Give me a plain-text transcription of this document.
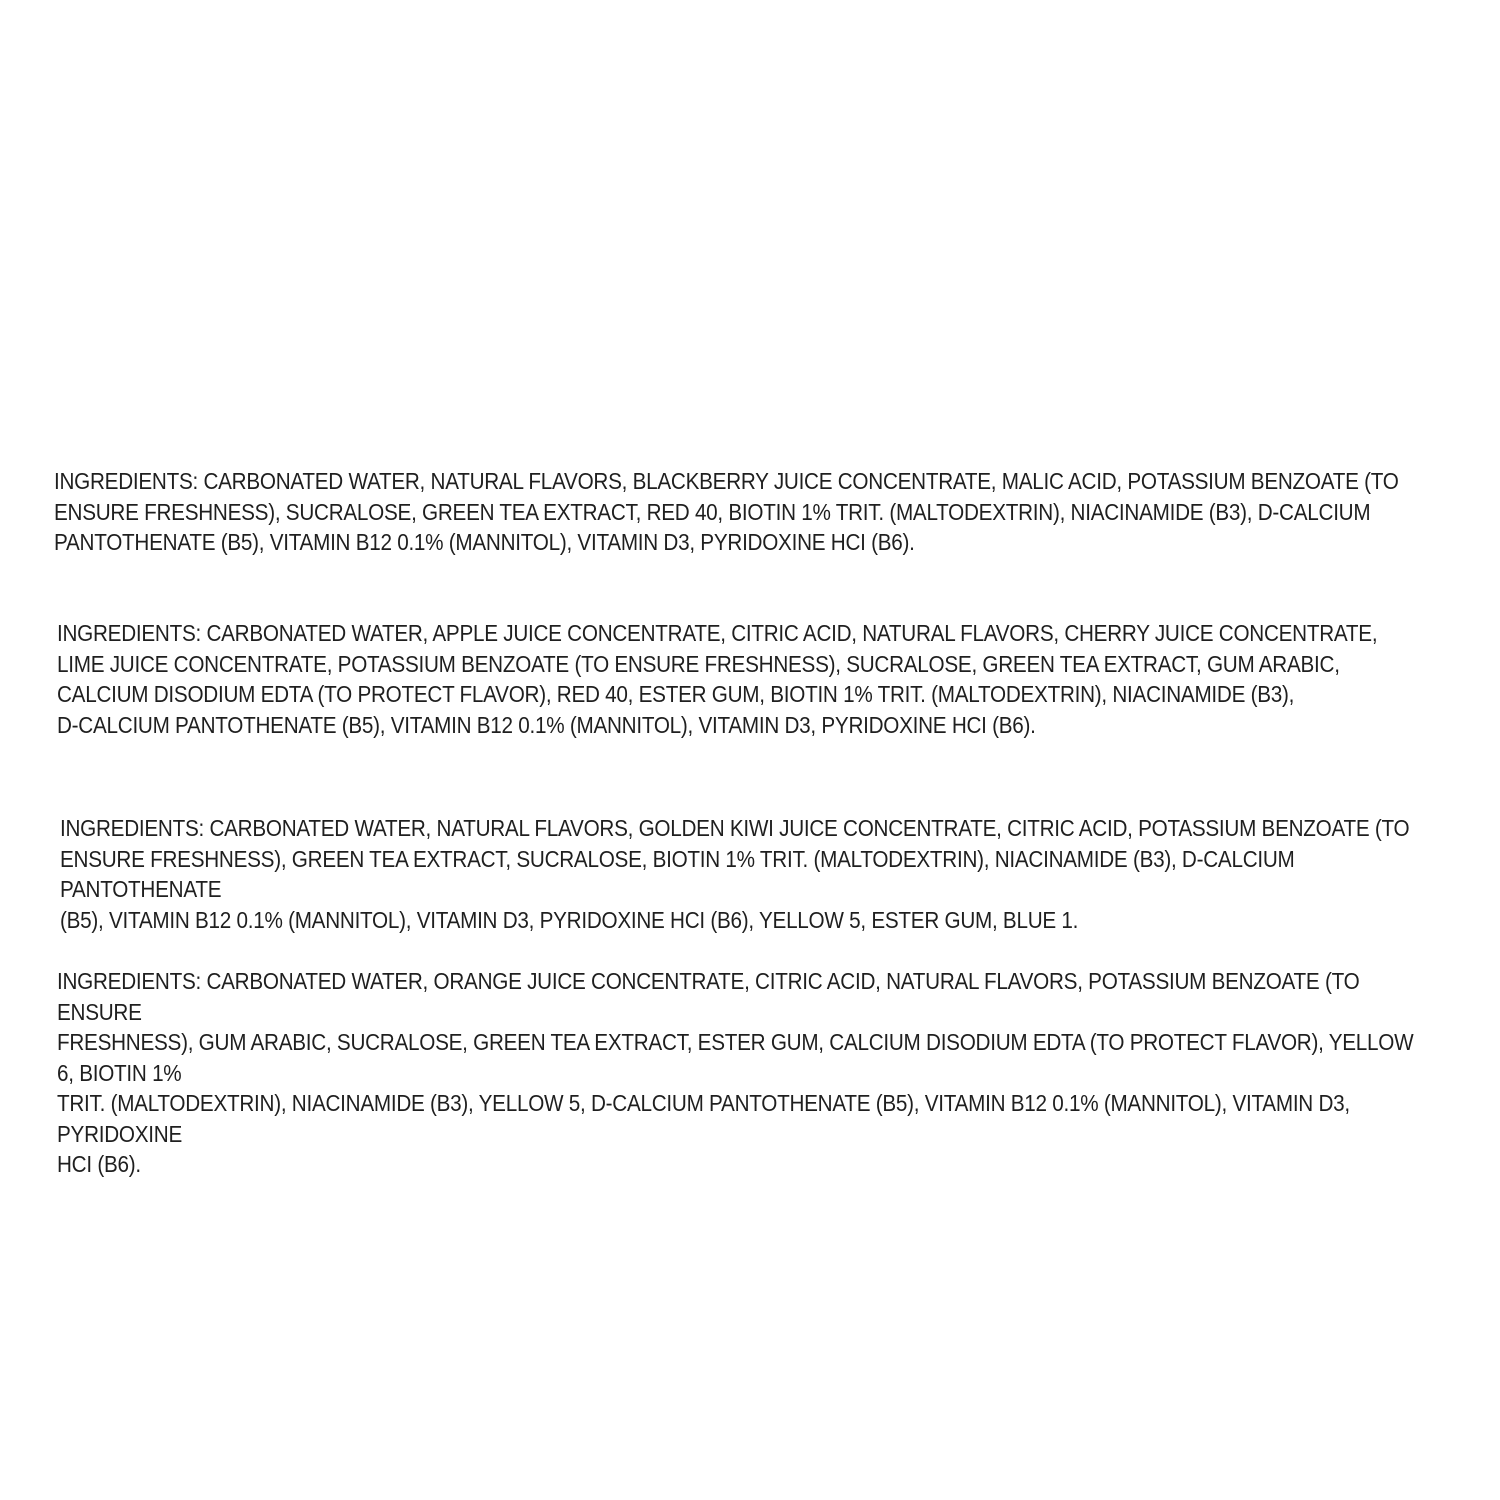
INGREDIENTS: CARBONATED WATER, NATURAL FLAVORS, BLACKBERRY JUICE CONCENTRATE, MALIC ACID, POTASSIUM BENZOATE (TO
ENSURE FRESHNESS), SUCRALOSE, GREEN TEA EXTRACT, RED 40, BIOTIN 1% TRIT. (MALTODEXTRIN), NIACINAMIDE (B3), D-CALCIUM
PANTOTHENATE (B5), VITAMIN B12 0.1% (MANNITOL), VITAMIN D3, PYRIDOXINE HCI (B6).

INGREDIENTS: CARBONATED WATER, APPLE JUICE CONCENTRATE, CITRIC ACID, NATURAL FLAVORS, CHERRY JUICE CONCENTRATE,
LIME JUICE CONCENTRATE, POTASSIUM BENZOATE (TO ENSURE FRESHNESS), SUCRALOSE, GREEN TEA EXTRACT, GUM ARABIC,
CALCIUM DISODIUM EDTA (TO PROTECT FLAVOR), RED 40, ESTER GUM, BIOTIN 1% TRIT. (MALTODEXTRIN), NIACINAMIDE (B3),
D-CALCIUM PANTOTHENATE (B5), VITAMIN B12 0.1% (MANNITOL), VITAMIN D3, PYRIDOXINE HCI (B6).

INGREDIENTS: CARBONATED WATER, NATURAL FLAVORS, GOLDEN KIWI JUICE CONCENTRATE, CITRIC ACID, POTASSIUM BENZOATE (TO
ENSURE FRESHNESS), GREEN TEA EXTRACT, SUCRALOSE, BIOTIN 1% TRIT. (MALTODEXTRIN), NIACINAMIDE (B3), D-CALCIUM PANTOTHENATE
(B5), VITAMIN B12 0.1% (MANNITOL), VITAMIN D3, PYRIDOXINE HCI (B6), YELLOW 5, ESTER GUM, BLUE 1.

INGREDIENTS: CARBONATED WATER, ORANGE JUICE CONCENTRATE, CITRIC ACID, NATURAL FLAVORS, POTASSIUM BENZOATE (TO ENSURE
FRESHNESS), GUM ARABIC, SUCRALOSE, GREEN TEA EXTRACT, ESTER GUM, CALCIUM DISODIUM EDTA (TO PROTECT FLAVOR), YELLOW 6, BIOTIN 1%
TRIT. (MALTODEXTRIN), NIACINAMIDE (B3), YELLOW 5, D-CALCIUM PANTOTHENATE (B5), VITAMIN B12 0.1% (MANNITOL), VITAMIN D3, PYRIDOXINE
HCI (B6).
